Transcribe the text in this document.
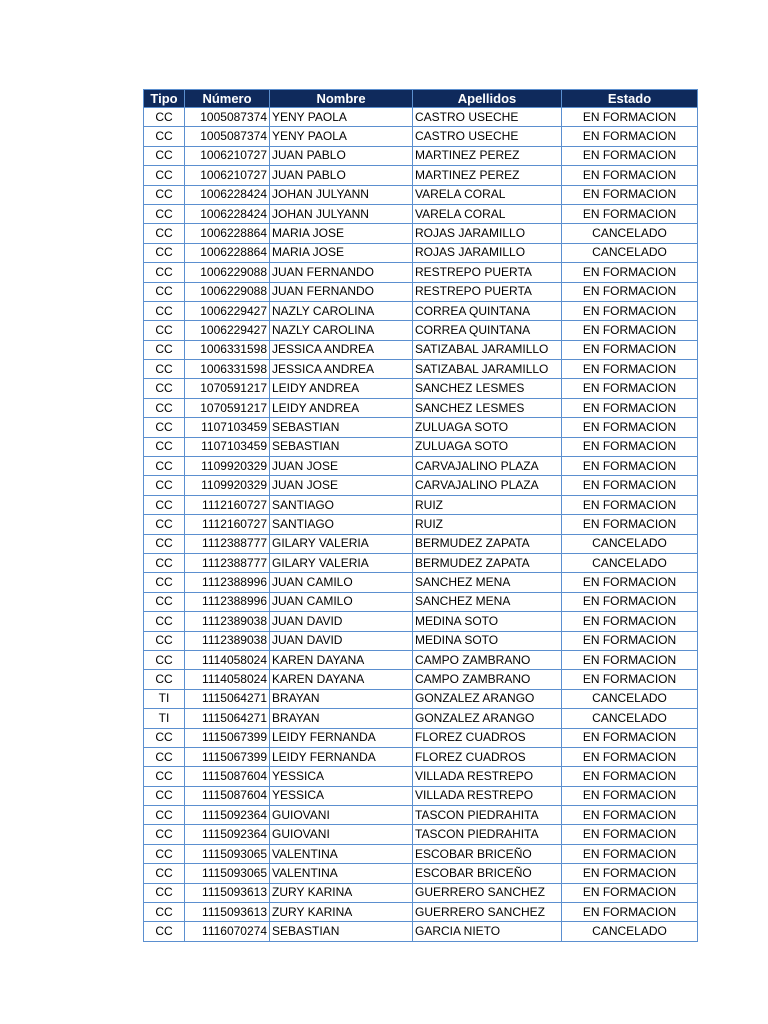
Tipo	Número	Nombre	Apellidos	Estado
CC	1005087374	YENY PAOLA	CASTRO USECHE	EN FORMACION
CC	1005087374	YENY PAOLA	CASTRO USECHE	EN FORMACION
CC	1006210727	JUAN PABLO	MARTINEZ PEREZ	EN FORMACION
CC	1006210727	JUAN PABLO	MARTINEZ PEREZ	EN FORMACION
CC	1006228424	JOHAN JULYANN	VARELA CORAL	EN FORMACION
CC	1006228424	JOHAN JULYANN	VARELA CORAL	EN FORMACION
CC	1006228864	MARIA JOSE	ROJAS JARAMILLO	CANCELADO
CC	1006228864	MARIA JOSE	ROJAS JARAMILLO	CANCELADO
CC	1006229088	JUAN FERNANDO	RESTREPO PUERTA	EN FORMACION
CC	1006229088	JUAN FERNANDO	RESTREPO PUERTA	EN FORMACION
CC	1006229427	NAZLY CAROLINA	CORREA QUINTANA	EN FORMACION
CC	1006229427	NAZLY CAROLINA	CORREA QUINTANA	EN FORMACION
CC	1006331598	JESSICA ANDREA	SATIZABAL JARAMILLO	EN FORMACION
CC	1006331598	JESSICA ANDREA	SATIZABAL JARAMILLO	EN FORMACION
CC	1070591217	LEIDY ANDREA	SANCHEZ LESMES	EN FORMACION
CC	1070591217	LEIDY ANDREA	SANCHEZ LESMES	EN FORMACION
CC	1107103459	SEBASTIAN	ZULUAGA SOTO	EN FORMACION
CC	1107103459	SEBASTIAN	ZULUAGA SOTO	EN FORMACION
CC	1109920329	JUAN JOSE	CARVAJALINO PLAZA	EN FORMACION
CC	1109920329	JUAN JOSE	CARVAJALINO PLAZA	EN FORMACION
CC	1112160727	SANTIAGO	RUIZ	EN FORMACION
CC	1112160727	SANTIAGO	RUIZ	EN FORMACION
CC	1112388777	GILARY VALERIA	BERMUDEZ ZAPATA	CANCELADO
CC	1112388777	GILARY VALERIA	BERMUDEZ ZAPATA	CANCELADO
CC	1112388996	JUAN CAMILO	SANCHEZ MENA	EN FORMACION
CC	1112388996	JUAN CAMILO	SANCHEZ MENA	EN FORMACION
CC	1112389038	JUAN DAVID	MEDINA SOTO	EN FORMACION
CC	1112389038	JUAN DAVID	MEDINA SOTO	EN FORMACION
CC	1114058024	KAREN DAYANA	CAMPO ZAMBRANO	EN FORMACION
CC	1114058024	KAREN DAYANA	CAMPO ZAMBRANO	EN FORMACION
TI	1115064271	BRAYAN	GONZALEZ ARANGO	CANCELADO
TI	1115064271	BRAYAN	GONZALEZ ARANGO	CANCELADO
CC	1115067399	LEIDY FERNANDA	FLOREZ CUADROS	EN FORMACION
CC	1115067399	LEIDY FERNANDA	FLOREZ CUADROS	EN FORMACION
CC	1115087604	YESSICA	VILLADA RESTREPO	EN FORMACION
CC	1115087604	YESSICA	VILLADA RESTREPO	EN FORMACION
CC	1115092364	GUIOVANI	TASCON PIEDRAHITA	EN FORMACION
CC	1115092364	GUIOVANI	TASCON PIEDRAHITA	EN FORMACION
CC	1115093065	VALENTINA	ESCOBAR BRICEÑO	EN FORMACION
CC	1115093065	VALENTINA	ESCOBAR BRICEÑO	EN FORMACION
CC	1115093613	ZURY KARINA	GUERRERO SANCHEZ	EN FORMACION
CC	1115093613	ZURY KARINA	GUERRERO SANCHEZ	EN FORMACION
CC	1116070274	SEBASTIAN	GARCIA NIETO	CANCELADO
